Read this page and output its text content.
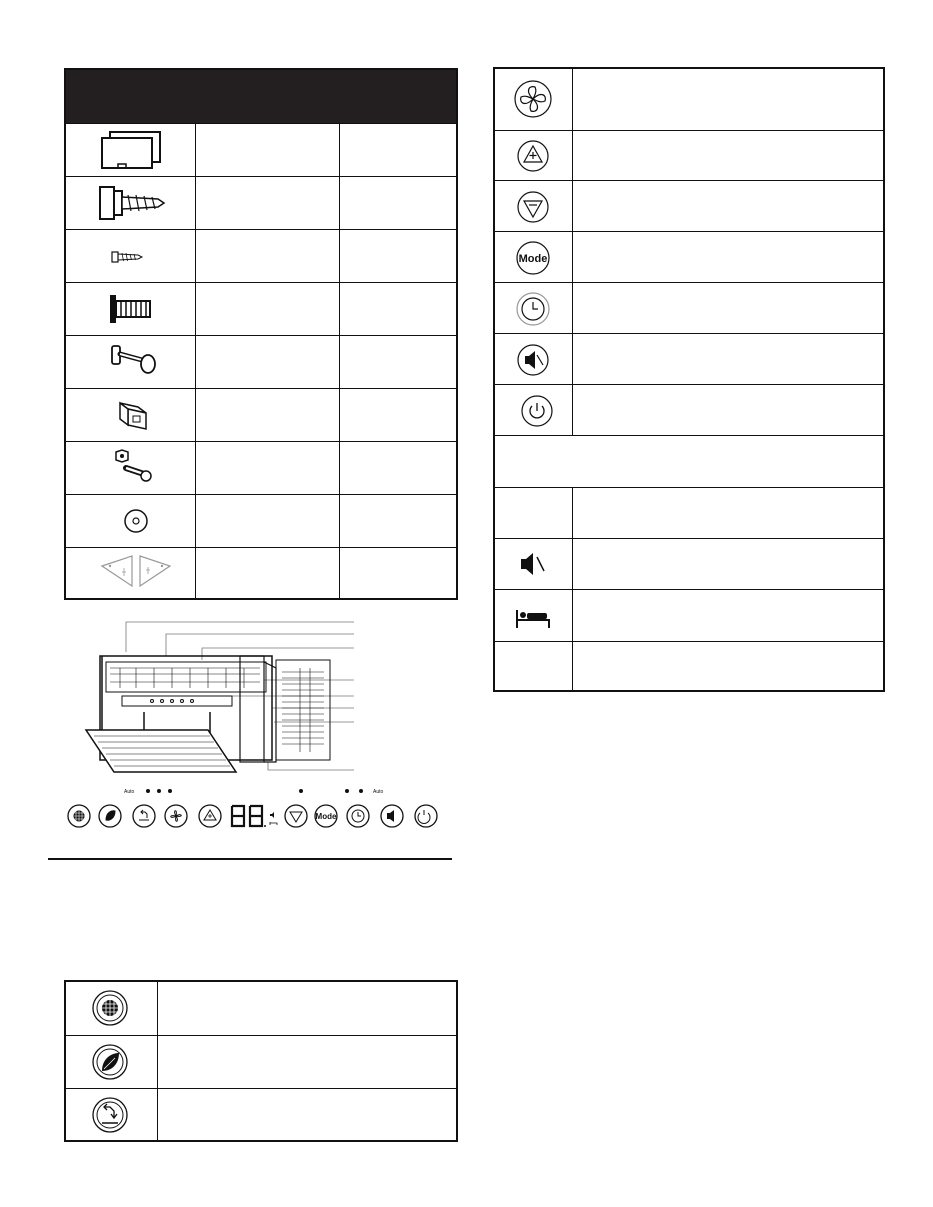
Auto	Auto
Mode
Mode
